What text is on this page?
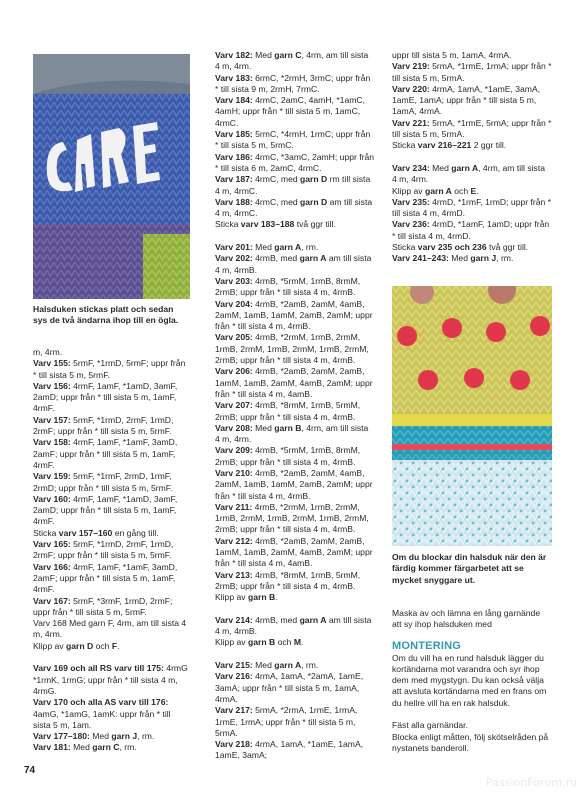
Halsduken stickas platt och sedan sys de två ändarna ihop till en ögla.
Om du blockar din halsduk när den är färdig kommer färgarbetet att se mycket snyggare ut.

m, 4rm.

Varv 155: 5rmF, *1rmD, 5rmF; uppr från * till sista 5 m, 5rmF.

Varv 156: 4rmF, 1amF, *1amD, 3amF, 2amD; uppr från * till sista 5 m, 1amF, 4rmF.

Varv 157: 5rmF, *1rmD, 2rmF, 1rmD, 2rmF; uppr från * till sista 5 m, 5rmF.

Varv 158: 4rmF, 1amF, *1amF, 3amD, 2amF; uppr från * till sista 5 m, 1amF, 4rmF.

Varv 159: 5rmF, *1rmF, 2rmD, 1rmF, 2rmD; uppr från * till sista 5 m, 5rmF.

Varv 160: 4rmF, 1amF, *1amD, 3amF, 2amD; uppr från * till sista 5 m, 1amF, 4rmF.

Sticka varv 157–160 en gång till.

Varv 165: 5rmF, *1rmD, 2rmF, 1rmD, 2rmF; uppr från * till sista 5 m, 5rmF.

Varv 166: 4rmF, 1amF, *1amF, 3amD, 2amF; uppr från * till sista 5 m, 1amF, 4rmF.

Varv 167: 5rmF, *3rmF, 1rmD, 2rmF; uppr från * till sista 5 m, 5rmF.

Varv 168 Med garn F, 4rm, am till sista 4 m, 4rm.

Klipp av garn D och F.

Varv 169 och all RS varv till 175: 4rmG *1rmK, 1rmG; uppr från * till sista 4 m, 4rmG.

Varv 170 och alla AS varv till 176: 4amG, *1amG, 1amK: uppr från * till sista 5 m, 1am.

Varv 177–180: Med garn J, rm.

Varv 181: Med garn C, rm.

Varv 182: Med garn C, 4rm, am till sista 4 m, 4rm.

Varv 183: 6rmC, *2rmH, 3rmC; uppr från * till sista 9 m, 2rmH, 7rmC.

Varv 184: 4rmC, 2amC, 4amH, *1amC, 4amH; uppr från * till sista 5 m, 1amC, 4rmC.

Varv 185: 5rmC, *4rmH, 1rmC; uppr från * till sista 5 m, 5rmC.

Varv 186: 4rmC, *3amC, 2amH; uppr från * till sista 6 m, 2amC, 4rmC.

Varv 187: 4rmC, med garn D rm till sista 4 m, 4rmC.

Varv 188: 4rmC, med garn D am till sista 4 m, 4rmC.

Sticka varv 183–188 två ggr till.

Varv 201: Med garn A, rm.

Varv 202: 4rmB, med garn A am till sista 4 m, 4rmB.

Varv 203: 4rmB, *5rmM, 1rmB, 8rmM, 2rmB; uppr från * till sista 4 m, 4rmB.

Varv 204: 4rmB, *2amB, 2amM, 4amB, 2amM, 1amB, 1amM, 2amB, 2amM; uppr från * till sista 4 m, 4rmB.

Varv 205: 4rmB, *2rmM, 1rmB, 2rmM, 1rmB, 2rmM, 1rmB, 2rmM, 1rmB, 2rmM, 2rmB; uppr från * till sista 4 m, 4rmB.

Varv 206: 4rmB, *2amB, 2amM, 2amB, 1amM, 1amB, 2amM, 4amB, 2amM; uppr från * till sista 4 m, 4amB.

Varv 207: 4rmB, *8rmM, 1rmB, 5rmM, 2rmB; uppr från * till sista 4 m, 4rmB.

Varv 208: Med garn B, 4rm, am till sista 4 m, 4rm.

Varv 209: 4rmB, *5rmM, 1rmB, 8rmM, 2rmB; uppr från * till sista 4 m, 4rmB.

Varv 210: 4rmB, *2amB, 2amM, 4amB, 2amM, 1amB, 1amM, 2amB, 2amM; uppr från * till sista 4 m, 4rmB.

Varv 211: 4rmB, *2rmM, 1rmB, 2rmM, 1rmB, 2rmM, 1rmB, 2rmM, 1rmB, 2rmM, 2rmB; uppr från * till sista 4 m, 4rmB.

Varv 212: 4rmB, *2amB, 2amM, 2amB, 1amM, 1amB, 2amM, 4amB, 2amM; uppr från * till sista 4 m, 4amB.

Varv 213: 4rmB, *8rmM, 1rmB, 5rmM, 2rmB; uppr från * till sista 4 m, 4rmB.

Klipp av garn B.

Varv 214: 4rmB, med garn A am till sista 4 m, 4rmB.

Klipp av garn B och M.

Varv 215: Med garn A, rm.

Varv 216: 4rmA, 1amA, *2amA, 1amE, 3amA; uppr från * till sista 5 m, 1amA, 4rmA.

Varv 217: 5rmA, *2rmA, 1rmE, 1rmA, 1rmE, 1rmA; uppr från * till sista 5 m, 5rmA.

Varv 218: 4rmA, 1amA, *1amE, 1amA, 1amE, 3amA;

uppr till sista 5 m, 1amA, 4rmA.

Varv 219: 5rmA, *1rmE, 1rmA; uppr från * till sista 5 m, 5rmA.

Varv 220: 4rmA, 1amA, *1amE, 3amA, 1amE, 1amA; uppr från * till sista 5 m, 1amA, 4rmA.

Varv 221: 5rmA, *1rmE, 5rmA; uppr från * till sista 5 m, 5rmA.

Sticka varv 216–221 2 ggr till.

Varv 234: Med garn A, 4rm, am till sista 4 m, 4rm.

Klipp av garn A och E.

Varv 235: 4rmD, *1rmF, 1rmD; uppr från * till sista 4 m, 4rmD.

Varv 236: 4rmD, *1amF, 1amD; uppr från * till sista 4 m, 4rmD.

Sticka varv 235 och 236 två ggr till.

Varv 241–243: Med garn J, rm.

Maska av och lämna en lång garnände att sy ihop halsduken med

MONTERING

Om du vill ha en rund halsduk lägger du kortändarna mot varandra och syr ihop dem med mygstygn. Du kan också välja att avsluta kortändarna med en frans om du hellre vill ha en rak halsduk.

Fäst alla garnändar.

Blocka enligt måtten, följ skötselråden på nystanets banderoll.

74
PassionForum.ru
